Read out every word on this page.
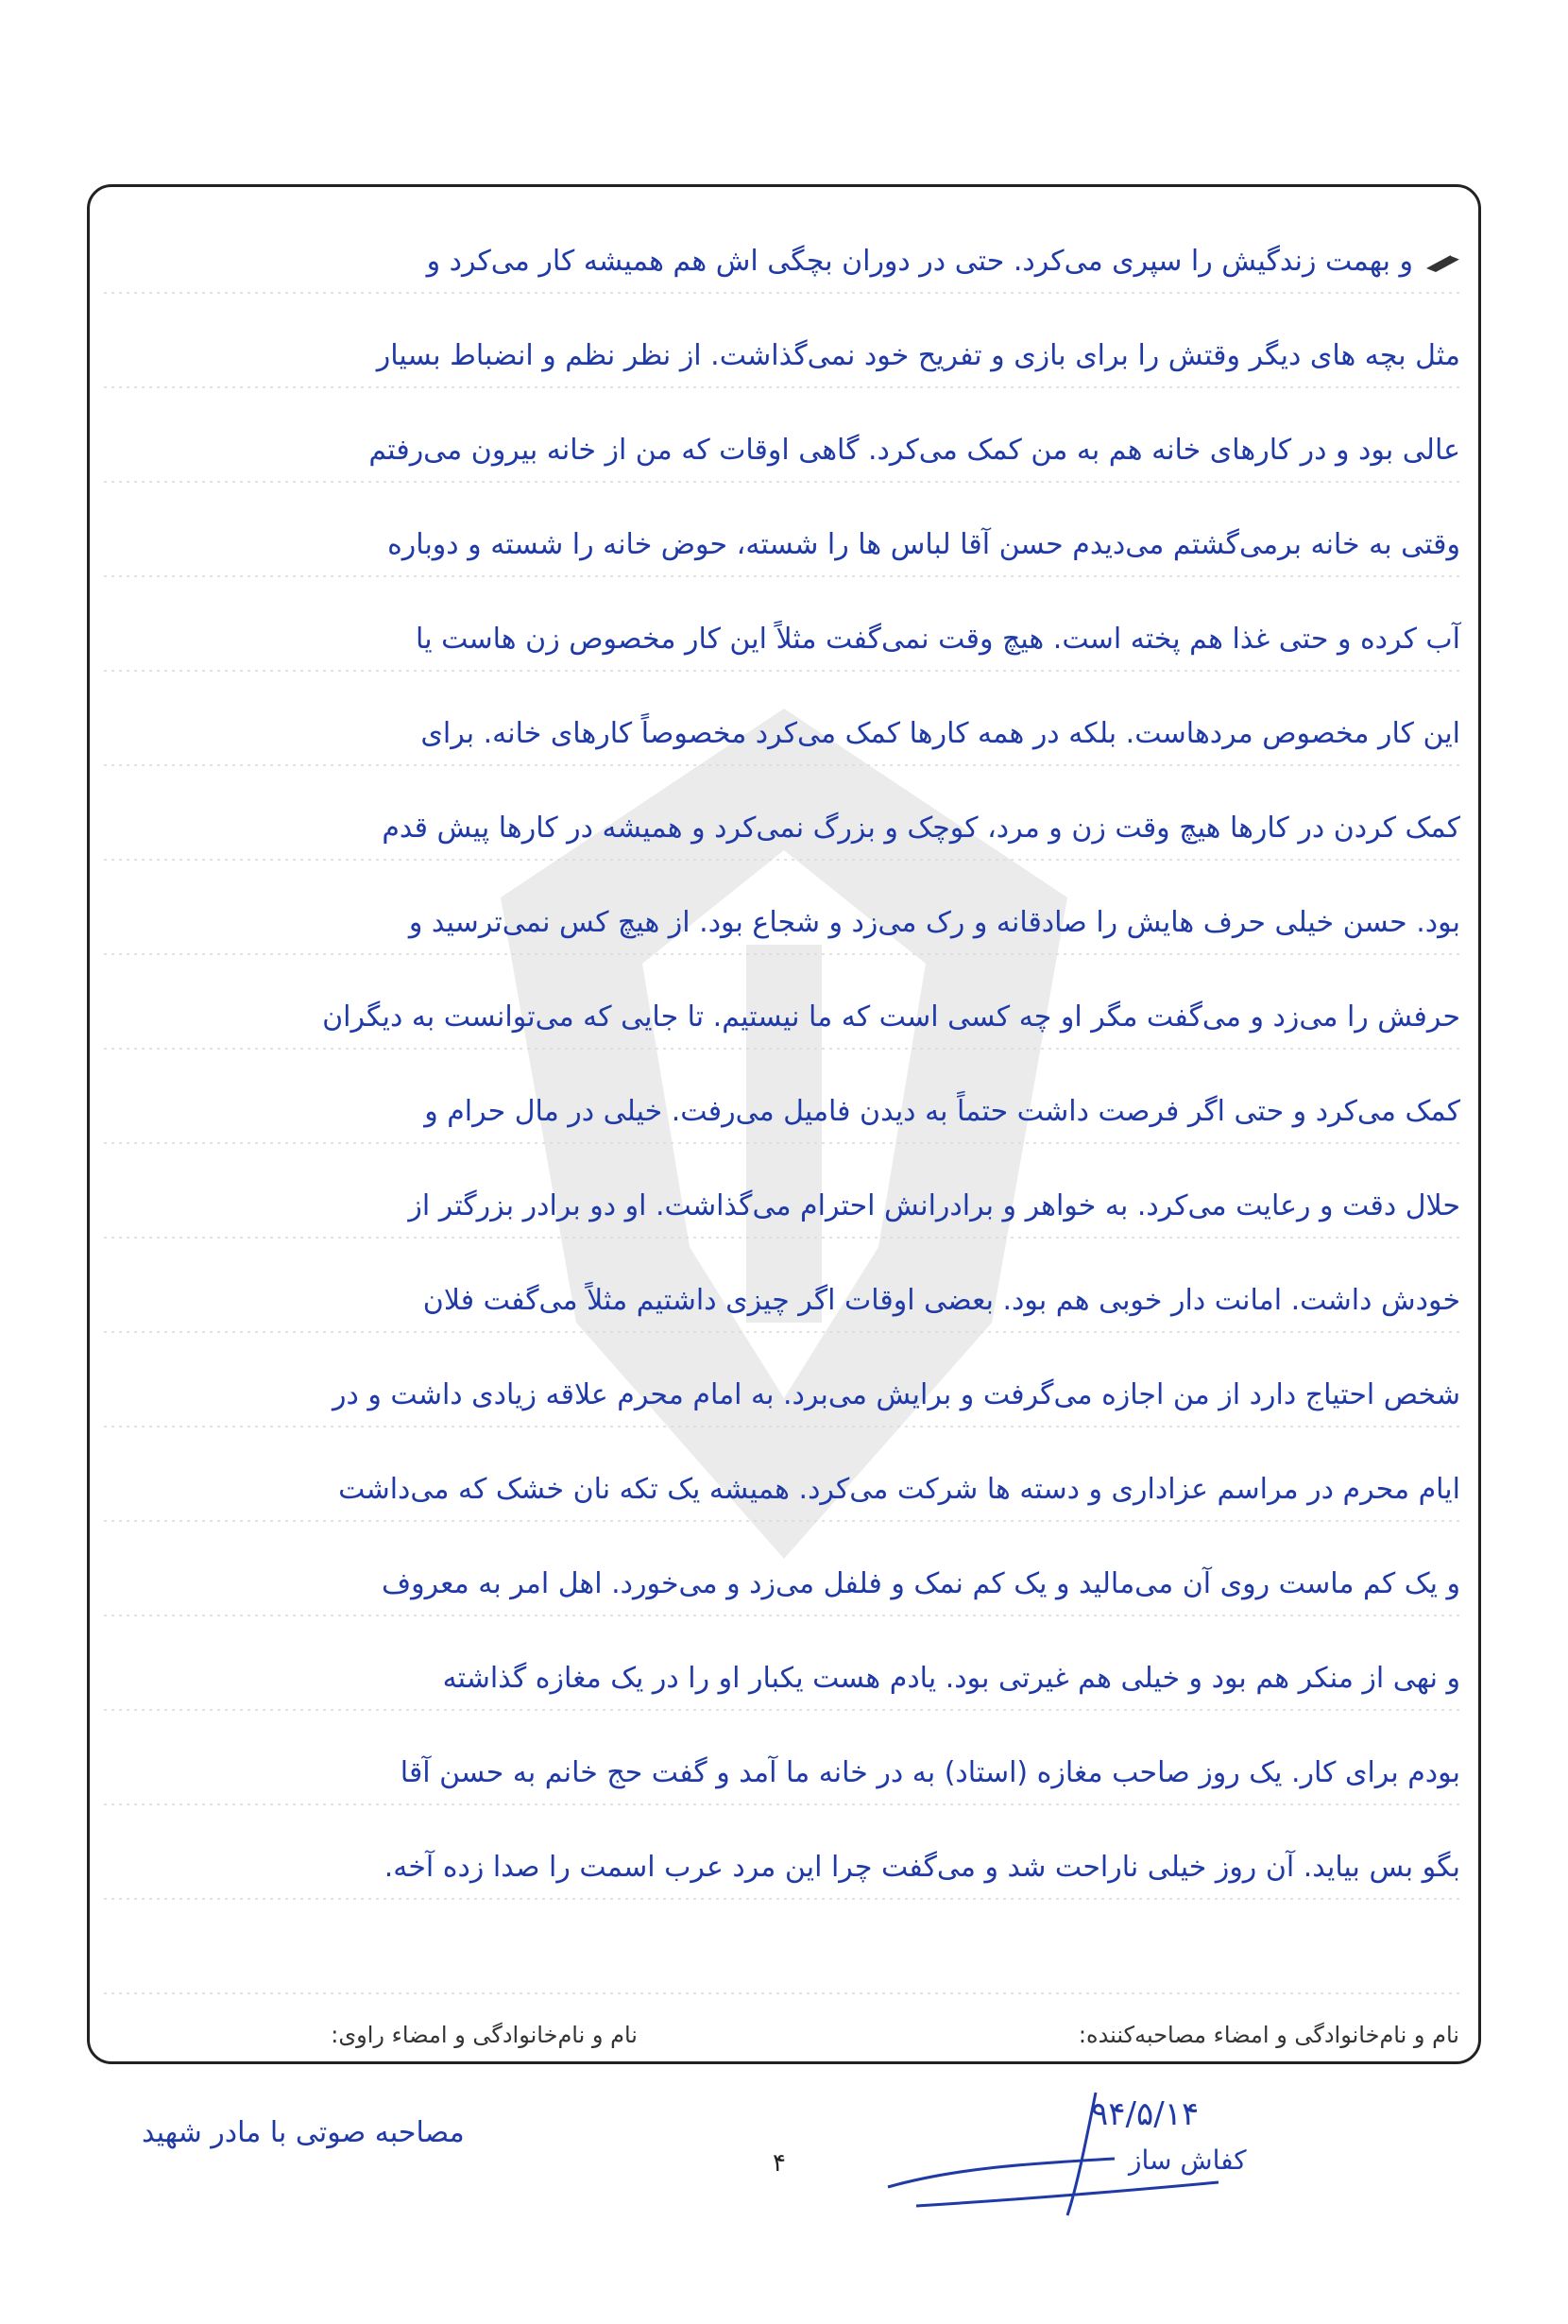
و بهمت زندگیش را سپری می‌کرد. حتی در دوران بچگی اش هم همیشه کار می‌کرد و
مثل بچه های دیگر وقتش را برای بازی و تفریح خود نمی‌گذاشت. از نظر نظم و انضباط بسیار
عالی بود و در کارهای خانه هم به من کمک می‌کرد. گاهی اوقات که من از خانه بیرون می‌رفتم
وقتی به خانه برمی‌گشتم می‌دیدم حسن آقا لباس ها را شسته، حوض خانه را شسته و دوباره
آب کرده و حتی غذا هم پخته است. هیچ وقت نمی‌گفت مثلاً این کار مخصوص زن هاست یا
این کار مخصوص مردهاست. بلکه در همه کارها کمک می‌کرد مخصوصاً کارهای خانه. برای
کمک کردن در کارها هیچ وقت زن و مرد، کوچک و بزرگ نمی‌کرد و همیشه در کارها پیش قدم
بود. حسن خیلی حرف هایش را صادقانه و رک می‌زد و شجاع بود. از هیچ کس نمی‌ترسید و
حرفش را می‌زد و می‌گفت مگر او چه کسی است که ما نیستیم. تا جایی که می‌توانست به دیگران
کمک می‌کرد و حتی اگر فرصت داشت حتماً به دیدن فامیل می‌رفت. خیلی در مال حرام و
حلال دقت و رعایت می‌کرد. به خواهر و برادرانش احترام می‌گذاشت. او دو برادر بزرگتر از
خودش داشت. امانت دار خوبی هم بود. بعضی اوقات اگر چیزی داشتیم مثلاً می‌گفت فلان
شخص احتیاج دارد از من اجازه می‌گرفت و برایش می‌برد. به امام محرم علاقه زیادی داشت و در
ایام محرم در مراسم عزاداری و دسته ها شرکت می‌کرد. همیشه یک تکه نان خشک که می‌داشت
و یک کم ماست روی آن می‌مالید و یک کم نمک و فلفل می‌زد و می‌خورد. اهل امر به معروف
و نهی از منکر هم بود و خیلی هم غیرتی بود. یادم هست یکبار او را در یک مغازه گذاشته
بودم برای کار. یک روز صاحب مغازه (استاد) به در خانه ما آمد و گفت حج خانم به حسن آقا
بگو بس بیاید. آن روز خیلی ناراحت شد و می‌گفت چرا این مرد عرب اسمت را صدا زده آخه.
نام و نام‌خانوادگی و امضاء مصاحبه‌کننده:
نام و نام‌خانوادگی و امضاء راوی:
مصاحبه صوتی با مادر شهید	۹۴/۵/۱۴
کفاش ساز
۴
